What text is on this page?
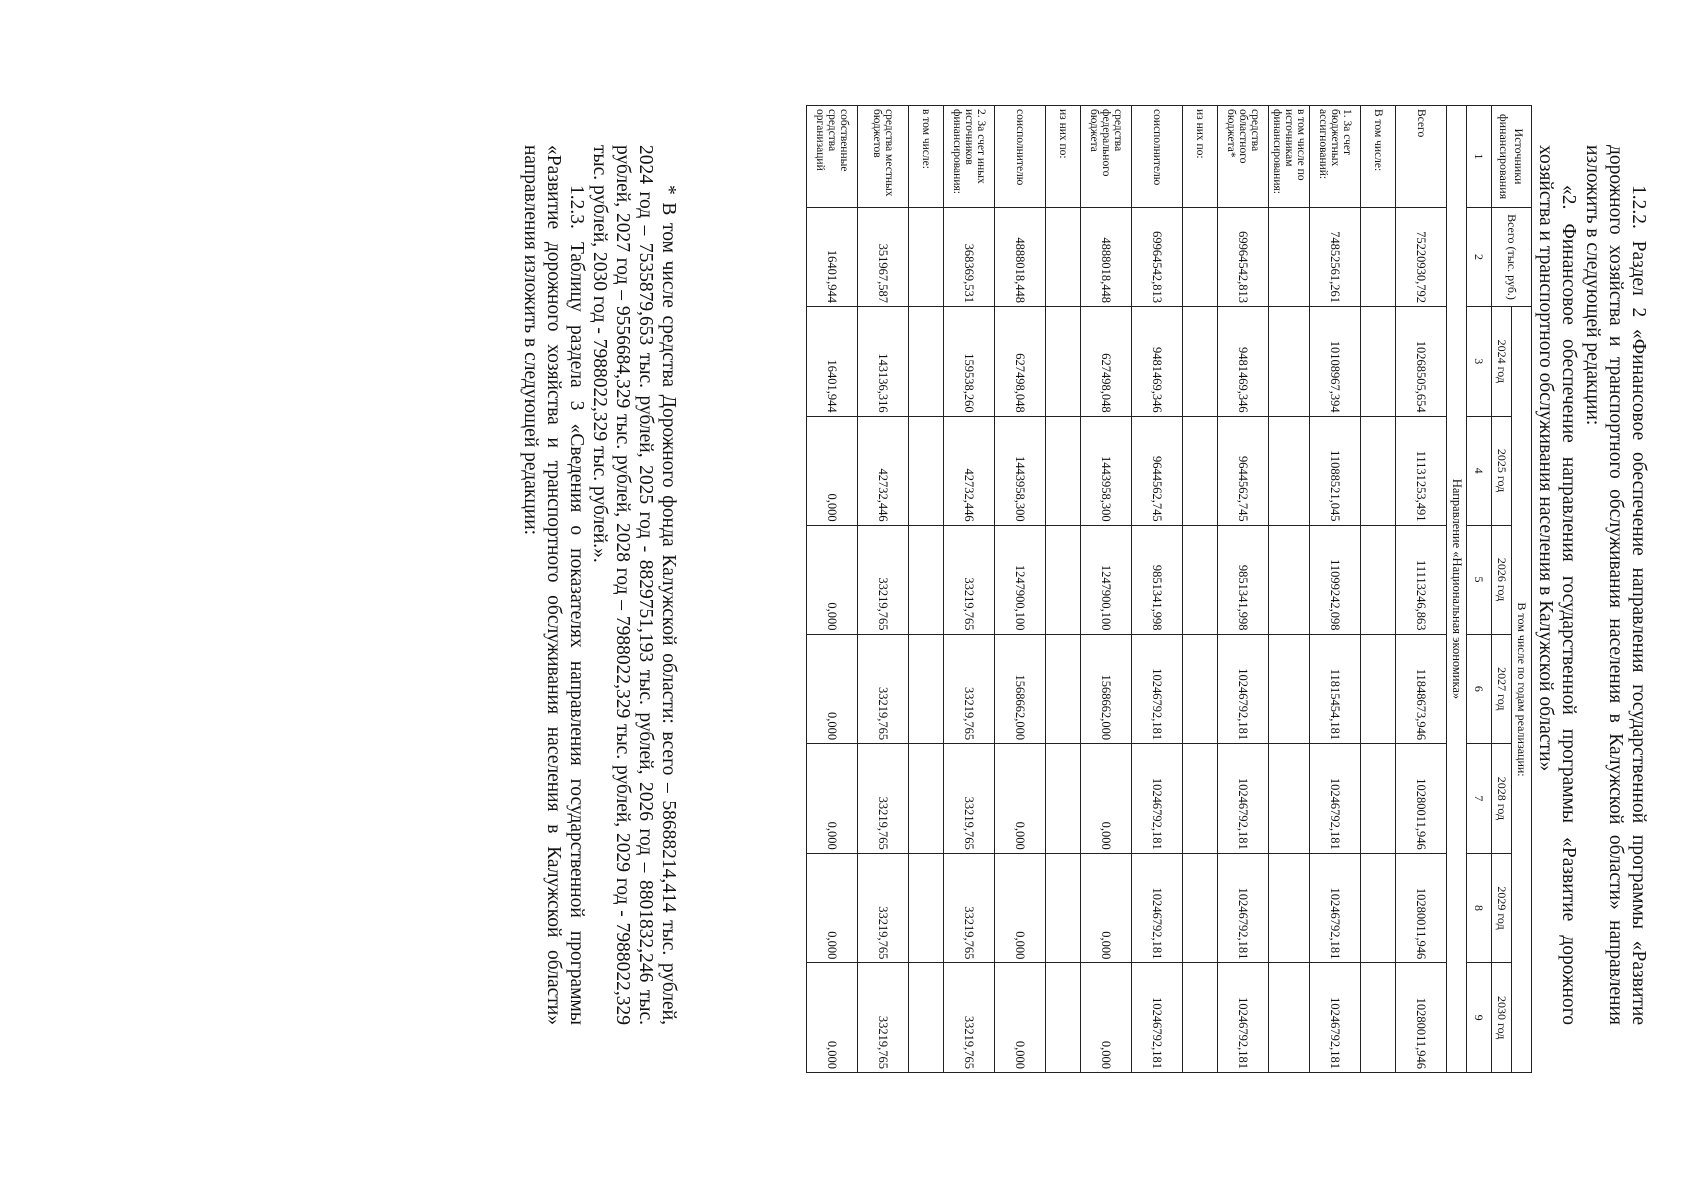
1.2.2. Раздел 2 «Финансовое обеспечение направления государственной программы «Развитие дорожного хозяйства и транспортного обслуживания населения в Калужской области» направления изложить в следующей редакции:

«2. Финансовое обеспечение направления государственной программы «Развитие дорожного хозяйства и транспортного обслуживания населения в Калужской области»

Источники финансирования	Всего (тыс. руб.)	В том числе по годам реализации:						
		2024 год	2025 год	2026 год	2027 год	2028 год	2029 год	2030 год
1	2	3	4	5	6	7	8	9
Направление «Национальная экономика»								
Всего	75220930,792	10268505,654	11131253,491	11113246,863	11848673,946	10280011,946	10280011,946	10280011,946
В том числе:								
1. За счет бюджетных ассигнований:	74852561,261	10108967,394	11088521,045	11099242,098	11815454,181	10246792,181	10246792,181	10246792,181
в том числе по источникам финансирования:								
средства областного бюджета*	69964542,813	9481469,346	9644562,745	9851341,998	10246792,181	10246792,181	10246792,181	10246792,181
из них по:								
соисполнителю	69964542,813	9481469,346	9644562,745	9851341,998	10246792,181	10246792,181	10246792,181	10246792,181
средства федерального бюджета	4888018,448	627498,048	1443958,300	1247900,100	1568662,000	0,000	0,000	0,000
из них по:								
соисполнителю	4888018,448	627498,048	1443958,300	1247900,100	1568662,000	0,000	0,000	0,000
2. За счет иных источников финансирования:	368369,531	159538,260	42732,446	33219,765	33219,765	33219,765	33219,765	33219,765
в том числе:								
средства местных бюджетов	351967,587	143136,316	42732,446	33219,765	33219,765	33219,765	33219,765	33219,765
собственные средства организаций	16401,944	16401,944	0,000	0,000	0,000	0,000	0,000	0,000

* В том числе средства Дорожного фонда Калужской области: всего – 58688214,414 тыс. рублей, 2024 год – 7535879,653 тыс. рублей, 2025 год - 8829751,193 тыс. рублей, 2026 год – 8801832,246 тыс. рублей, 2027 год – 9556684,329 тыс. рублей, 2028 год – 7988022,329 тыс. рублей, 2029 год - 7988022,329 тыс. рублей, 2030 год - 7988022,329 тыс. рублей.».

1.2.3. Таблицу раздела 3 «Сведения о показателях направления государственной программы «Развитие дорожного хозяйства и транспортного обслуживания населения в Калужской области» направления изложить в следующей редакции:
